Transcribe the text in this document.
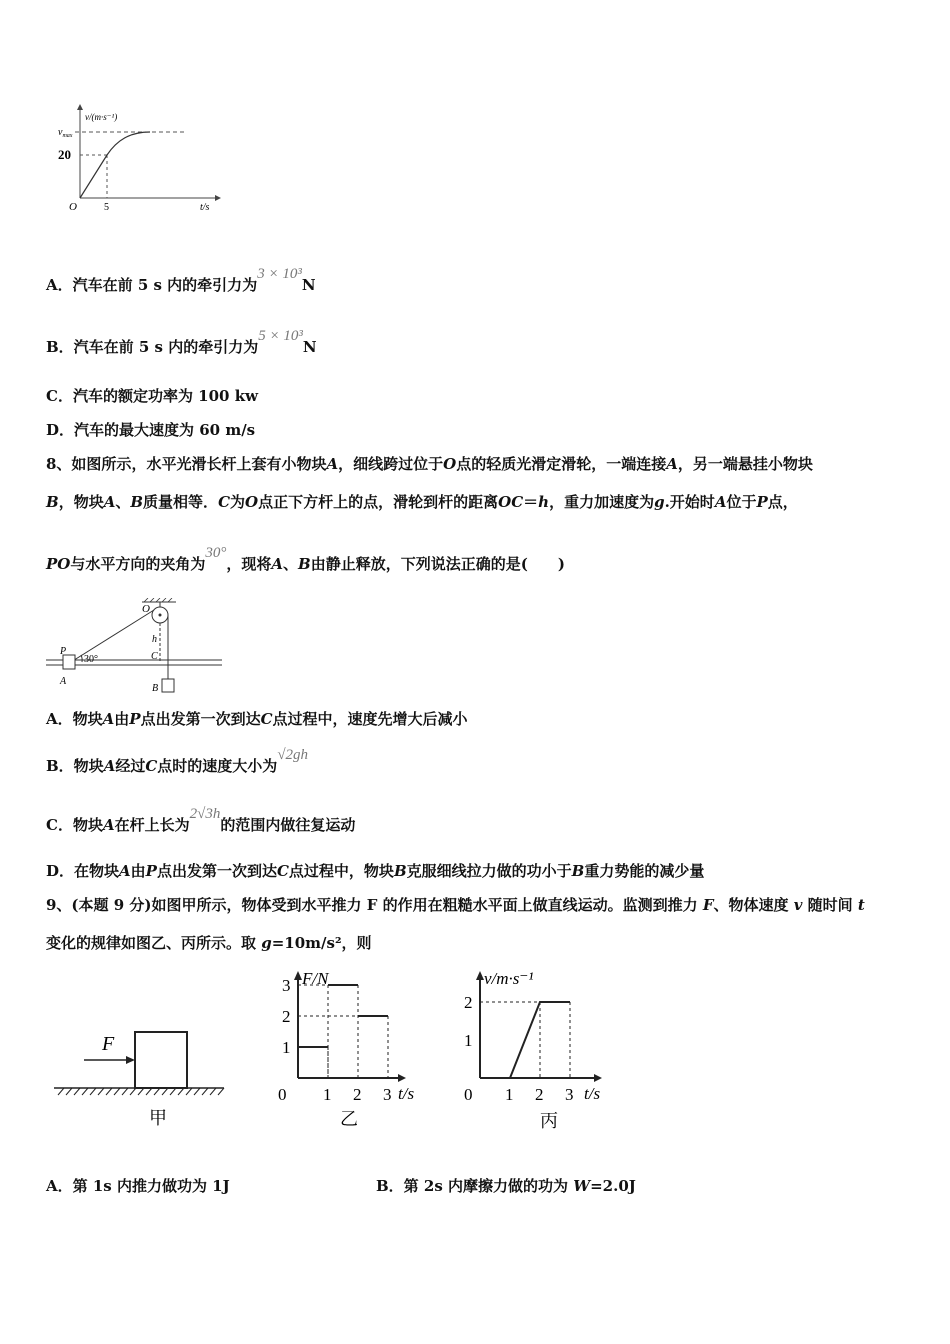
v/(m·s⁻¹)
$v_{max}$
20
O	5	t/s
A．汽车在前 5 s 内的牵引力为3 × 10³N
B．汽车在前 5 s 内的牵引力为5 × 10³N
C．汽车的额定功率为 100 kw
D．汽车的最大速度为 60 m/s
8、如图所示，水平光滑长杆上套有小物块A，细线跨过位于O点的轻质光滑定滑轮，一端连接A，另一端悬挂小物块
B，物块A、B质量相等．C为O点正下方杆上的点，滑轮到杆的距离OC＝h，重力加速度为g.开始时A位于P点，
PO与水平方向的夹角为30°，现将A、B由静止释放，下列说法正确的是(　　)
O
P
30°
h
C
A
B
A．物块A由P点出发第一次到达C点过程中，速度先增大后减小
B．物块A经过C点时的速度大小为√2gh
C．物块A在杆上长为2√3h的范围内做往复运动
D．在物块A由P点出发第一次到达C点过程中，物块B克服细线拉力做的功小于B重力势能的减少量
9、(本题 9 分)如图甲所示，物体受到水平推力 F 的作用在粗糙水平面上做直线运动。监测到推力 F、物体速度 v 随时间 t
变化的规律如图乙、丙所示。取 g=10m/s²，则
F
甲
1
2
3
0 1 2 3
F/N
t/s
乙
1
2
0 1 2 3
v/m·s⁻¹
t/s
丙
A．第 1s 内推力做功为 1J	B．第 2s 内摩擦力做的功为 W=2.0J
